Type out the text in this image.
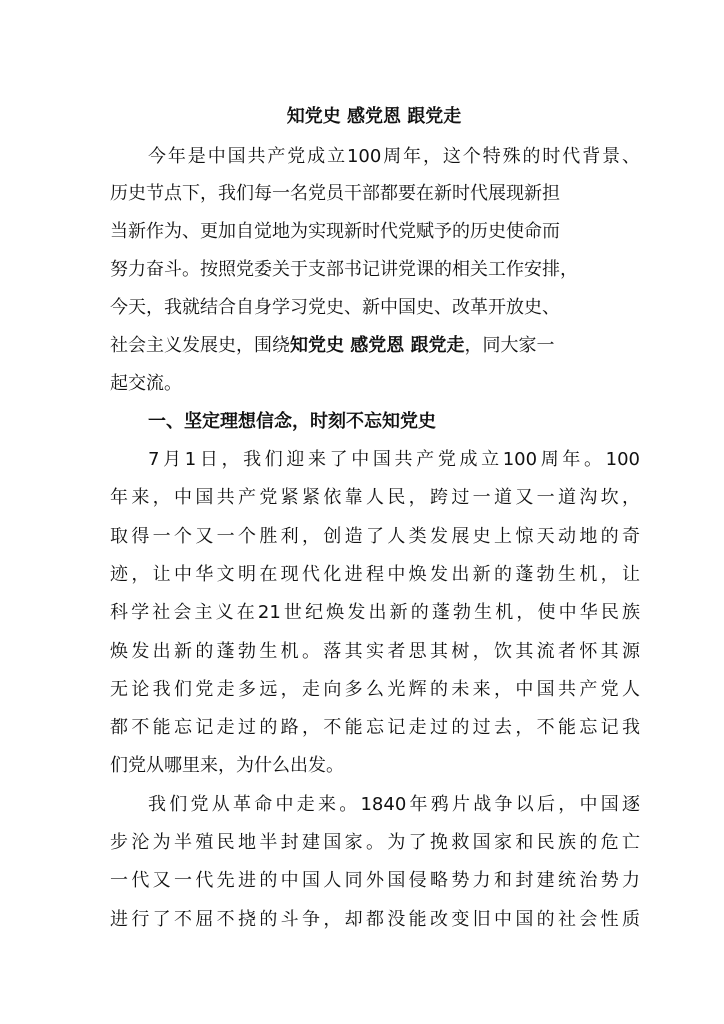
知党史 感党恩 跟党走
今年是中国共产党成立100周年，这个特殊的时代背景、
历史节点下，我们每一名党员干部都要在新时代展现新担
当新作为、更加自觉地为实现新时代党赋予的历史使命而
努力奋斗。按照党委关于支部书记讲党课的相关工作安排，
今天，我就结合自身学习党史、新中国史、改革开放史、
社会主义发展史，围绕知党史 感党恩 跟党走，同大家一
起交流。
一、坚定理想信念，时刻不忘知党史
7月1日，我们迎来了中国共产党成立100周年。100
年来，中国共产党紧紧依靠人民，跨过一道又一道沟坎，
取得一个又一个胜利，创造了人类发展史上惊天动地的奇
迹，让中华文明在现代化进程中焕发出新的蓬勃生机，让
科学社会主义在21世纪焕发出新的蓬勃生机，使中华民族
焕发出新的蓬勃生机。落其实者思其树，饮其流者怀其源
无论我们党走多远，走向多么光辉的未来，中国共产党人
都不能忘记走过的路，不能忘记走过的过去，不能忘记我
们党从哪里来，为什么出发。
我们党从革命中走来。1840年鸦片战争以后，中国逐
步沦为半殖民地半封建国家。为了挽救国家和民族的危亡
一代又一代先进的中国人同外国侵略势力和封建统治势力
进行了不屈不挠的斗争，却都没能改变旧中国的社会性质
